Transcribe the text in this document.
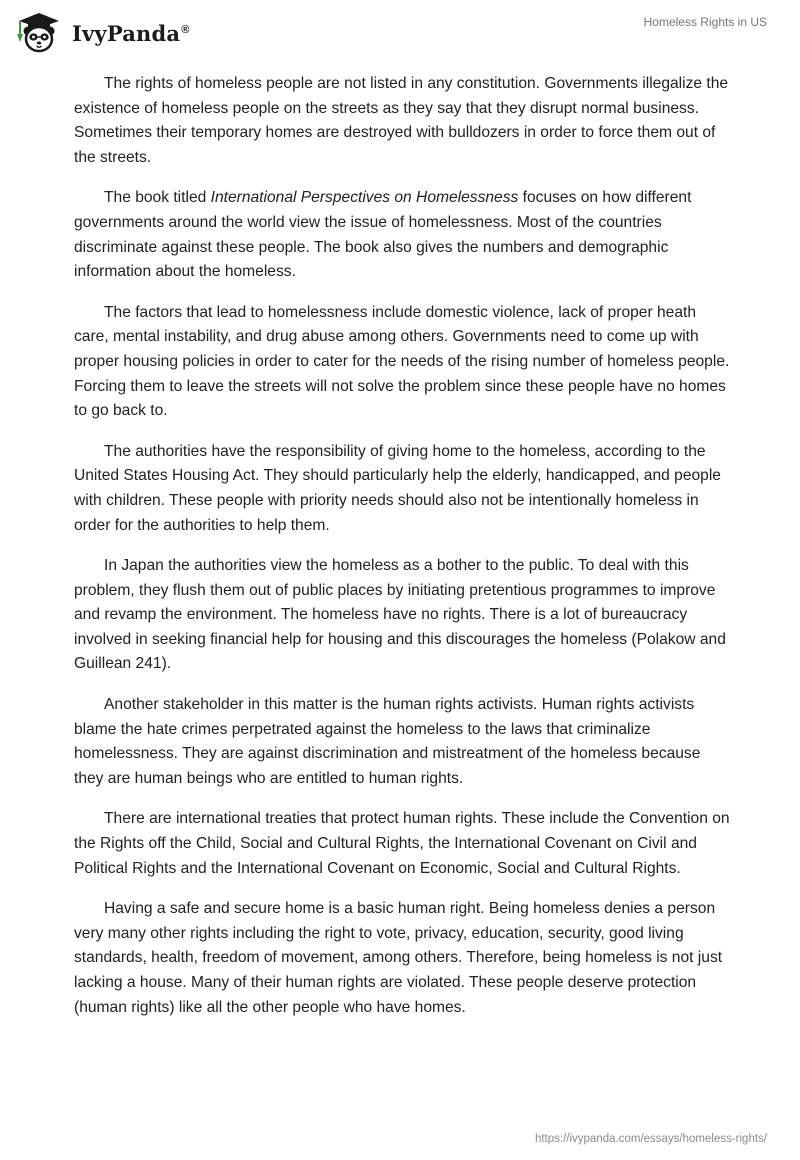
IvyPanda®
Homeless Rights in US

The rights of homeless people are not listed in any constitution. Governments illegalize the existence of homeless people on the streets as they say that they disrupt normal business. Sometimes their temporary homes are destroyed with bulldozers in order to force them out of the streets.

The book titled International Perspectives on Homelessness focuses on how different governments around the world view the issue of homelessness. Most of the countries discriminate against these people. The book also gives the numbers and demographic information about the homeless.

The factors that lead to homelessness include domestic violence, lack of proper heath care, mental instability, and drug abuse among others. Governments need to come up with proper housing policies in order to cater for the needs of the rising number of homeless people. Forcing them to leave the streets will not solve the problem since these people have no homes to go back to.

The authorities have the responsibility of giving home to the homeless, according to the United States Housing Act. They should particularly help the elderly, handicapped, and people with children. These people with priority needs should also not be intentionally homeless in order for the authorities to help them.

In Japan the authorities view the homeless as a bother to the public. To deal with this problem, they flush them out of public places by initiating pretentious programmes to improve and revamp the environment. The homeless have no rights. There is a lot of bureaucracy involved in seeking financial help for housing and this discourages the homeless (Polakow and Guillean 241).

Another stakeholder in this matter is the human rights activists. Human rights activists blame the hate crimes perpetrated against the homeless to the laws that criminalize homelessness. They are against discrimination and mistreatment of the homeless because they are human beings who are entitled to human rights.

There are international treaties that protect human rights. These include the Convention on the Rights off the Child, Social and Cultural Rights, the International Covenant on Civil and Political Rights and the International Covenant on Economic, Social and Cultural Rights.

Having a safe and secure home is a basic human right. Being homeless denies a person very many other rights including the right to vote, privacy, education, security, good living standards, health, freedom of movement, among others. Therefore, being homeless is not just lacking a house. Many of their human rights are violated. These people deserve protection (human rights) like all the other people who have homes.

https://ivypanda.com/essays/homeless-rights/
